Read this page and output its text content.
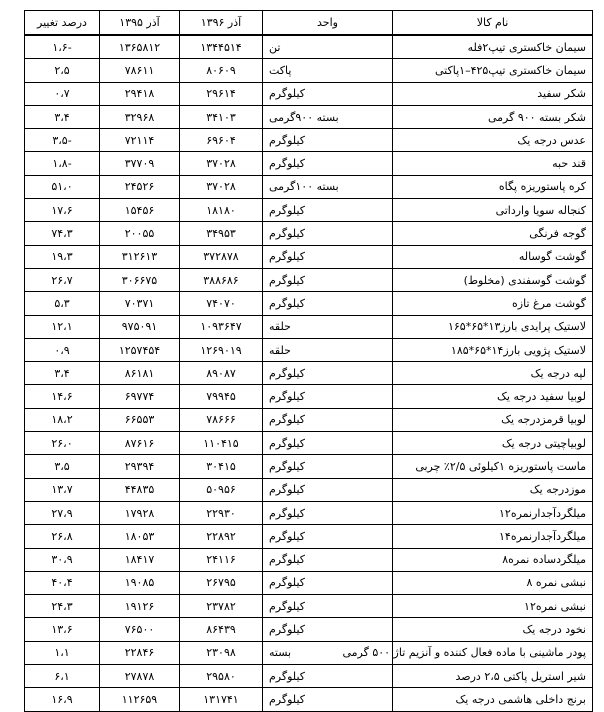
نام کالا	واحد	آذر ۱۳۹۶	آذر ۱۳۹۵	درصد تغییر
سیمان خاکستری تیپ۲فله	تن	۱۳۴۴۵۱۴	۱۳۶۵۸۱۲	-۱،۶
سیمان خاکستری تیپ۴۲۵–۱پاکتی	پاکت	۸۰۶۰۹	۷۸۶۱۱	۲،۵
شکر سفید	کیلوگرم	۲۹۶۱۴	۲۹۴۱۸	۰،۷
شکر بسته ۹۰۰ گرمی	بسته ۹۰۰گرمی	۳۴۱۰۳	۳۲۹۶۸	۳،۴
عدس درجه یک	کیلوگرم	۶۹۶۰۴	۷۲۱۱۴	-۳،۵
قند حبه	کیلوگرم	۳۷۰۲۸	۳۷۷۰۹	-۱،۸
کره پاستوریزه پگاه	بسته ۱۰۰گرمی	۳۷۰۲۸	۲۴۵۲۶	۵۱،۰
کنجاله سویا وارداتی	کیلوگرم	۱۸۱۸۰	۱۵۴۵۶	۱۷،۶
گوجه فرنگی	کیلوگرم	۳۴۹۵۳	۲۰۰۵۵	۷۴،۳
گوشت گوساله	کیلوگرم	۳۷۲۸۷۸	۳۱۲۶۱۳	۱۹،۳
گوشت گوسفندی (مخلوط)	کیلوگرم	۳۸۸۶۸۶	۳۰۶۶۷۵	۲۶،۷
گوشت مرغ تازه	کیلوگرم	۷۴۰۷۰	۷۰۳۷۱	۵،۳
لاستیک پرایدی بارز۱۳*۶۵*۱۶۵	حلقه	۱۰۹۳۶۴۷	۹۷۵۰۹۱	۱۲،۱
لاستیک پژویی بارز۱۴*۶۵*۱۸۵	حلقه	۱۲۶۹۰۱۹	۱۲۵۷۴۵۴	۰،۹
لپه درجه یک	کیلوگرم	۸۹۰۸۷	۸۶۱۸۱	۳،۴
لوبیا سفید درجه یک	کیلوگرم	۷۹۹۴۵	۶۹۷۷۴	۱۴،۶
لوبیا قرمزدرجه یک	کیلوگرم	۷۸۶۶۶	۶۶۵۵۳	۱۸،۲
لوبیاچیتی درجه یک	کیلوگرم	۱۱۰۴۱۵	۸۷۶۱۶	۲۶،۰
ماست پاستوریزه ۱کیلوئی ۲/۵٪ چربی	کیلوگرم	۳۰۴۱۵	۲۹۳۹۴	۳،۵
موزدرجه یک	کیلوگرم	۵۰۹۵۶	۴۴۸۳۵	۱۳،۷
میلگردآجدارنمره۱۲	کیلوگرم	۲۲۹۳۰	۱۷۹۲۸	۲۷،۹
میلگردآجدارنمره۱۴	کیلوگرم	۲۲۸۹۲	۱۸۰۵۳	۲۶،۸
میلگردساده نمره۸	کیلوگرم	۲۴۱۱۶	۱۸۴۱۷	۳۰،۹
نبشی نمره ۸	کیلوگرم	۲۶۷۹۵	۱۹۰۸۵	۴۰،۴
نبشی نمره۱۲	کیلوگرم	۲۳۷۸۲	۱۹۱۲۶	۲۴،۳
نخود درجه یک	کیلوگرم	۸۶۴۳۹	۷۶۵۰۰	۱۳،۶
پودر ماشینی با ماده فعال کننده و آنزیم تاژ ۵۰۰ گرمی	بسته	۲۳۰۹۸	۲۲۸۴۶	۱،۱
شیر استریل پاکتی ۲،۵ درصد	کیلوگرم	۲۹۵۸۰	۲۷۸۷۸	۶،۱
برنج داخلی هاشمی درجه یک	کیلوگرم	۱۳۱۷۴۱	۱۱۲۶۵۹	۱۶،۹
